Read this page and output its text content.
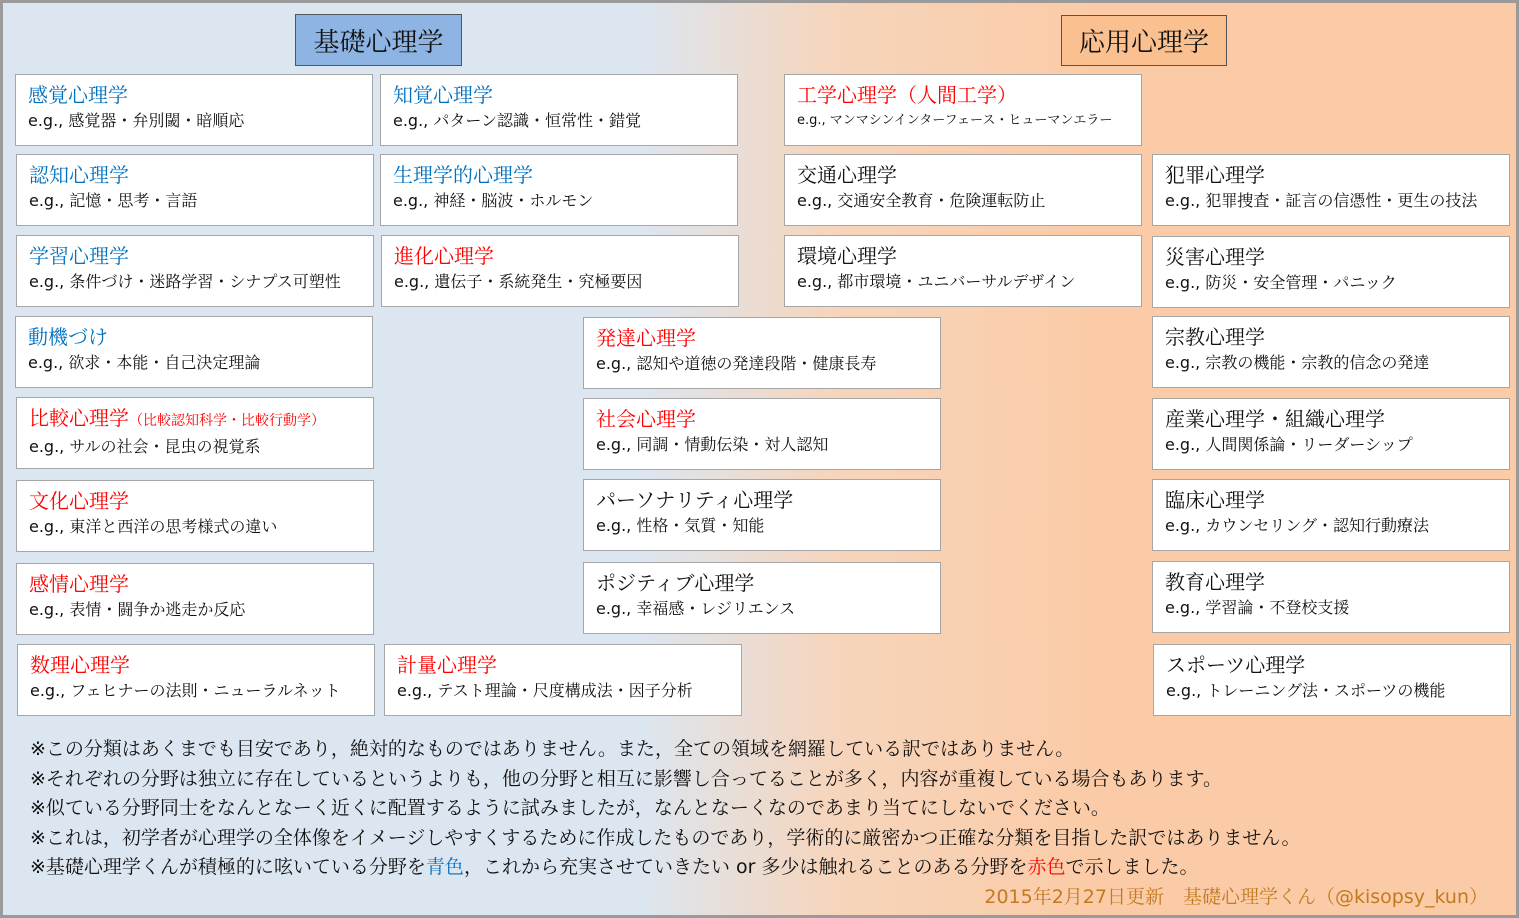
基礎心理学	応用心理学
感覚心理学
e.g., 感覚器・弁別閾・暗順応
知覚心理学
e.g., パターン認識・恒常性・錯覚
工学心理学（人間工学）
e.g., マンマシンインターフェース・ヒューマンエラー
認知心理学
e.g., 記憶・思考・言語
生理学的心理学
e.g., 神経・脳波・ホルモン
交通心理学
e.g., 交通安全教育・危険運転防止
犯罪心理学
e.g., 犯罪捜査・証言の信憑性・更生の技法
学習心理学
e.g., 条件づけ・迷路学習・シナプス可塑性
進化心理学
e.g., 遺伝子・系統発生・究極要因
環境心理学
e.g., 都市環境・ユニバーサルデザイン
災害心理学
e.g., 防災・安全管理・パニック
動機づけ
e.g., 欲求・本能・自己決定理論
発達心理学
e.g., 認知や道徳の発達段階・健康長寿
宗教心理学
e.g., 宗教の機能・宗教的信念の発達
比較心理学（比較認知科学・比較行動学）
e.g., サルの社会・昆虫の視覚系
社会心理学
e.g., 同調・情動伝染・対人認知
産業心理学・組織心理学
e.g., 人間関係論・リーダーシップ
文化心理学
e.g., 東洋と西洋の思考様式の違い
パーソナリティ心理学
e.g., 性格・気質・知能
臨床心理学
e.g., カウンセリング・認知行動療法
感情心理学
e.g., 表情・闘争か逃走か反応
ポジティブ心理学
e.g., 幸福感・レジリエンス
教育心理学
e.g., 学習論・不登校支援
数理心理学
e.g., フェヒナーの法則・ニューラルネット
計量心理学
e.g., テスト理論・尺度構成法・因子分析
スポーツ心理学
e.g., トレーニング法・スポーツの機能
※この分類はあくまでも目安であり，絶対的なものではありません。また，全ての領域を網羅している訳ではありません。
※それぞれの分野は独立に存在しているというよりも，他の分野と相互に影響し合ってることが多く，内容が重複している場合もあります。
※似ている分野同士をなんとなーく近くに配置するように試みましたが，なんとなーくなのであまり当てにしないでください。
※これは，初学者が心理学の全体像をイメージしやすくするために作成したものであり，学術的に厳密かつ正確な分類を目指した訳ではありません。
※基礎心理学くんが積極的に呟いている分野を青色，これから充実させていきたい or 多少は触れることのある分野を赤色で示しました。
2015年2月27日更新　基礎心理学くん（@kisopsy_kun）
